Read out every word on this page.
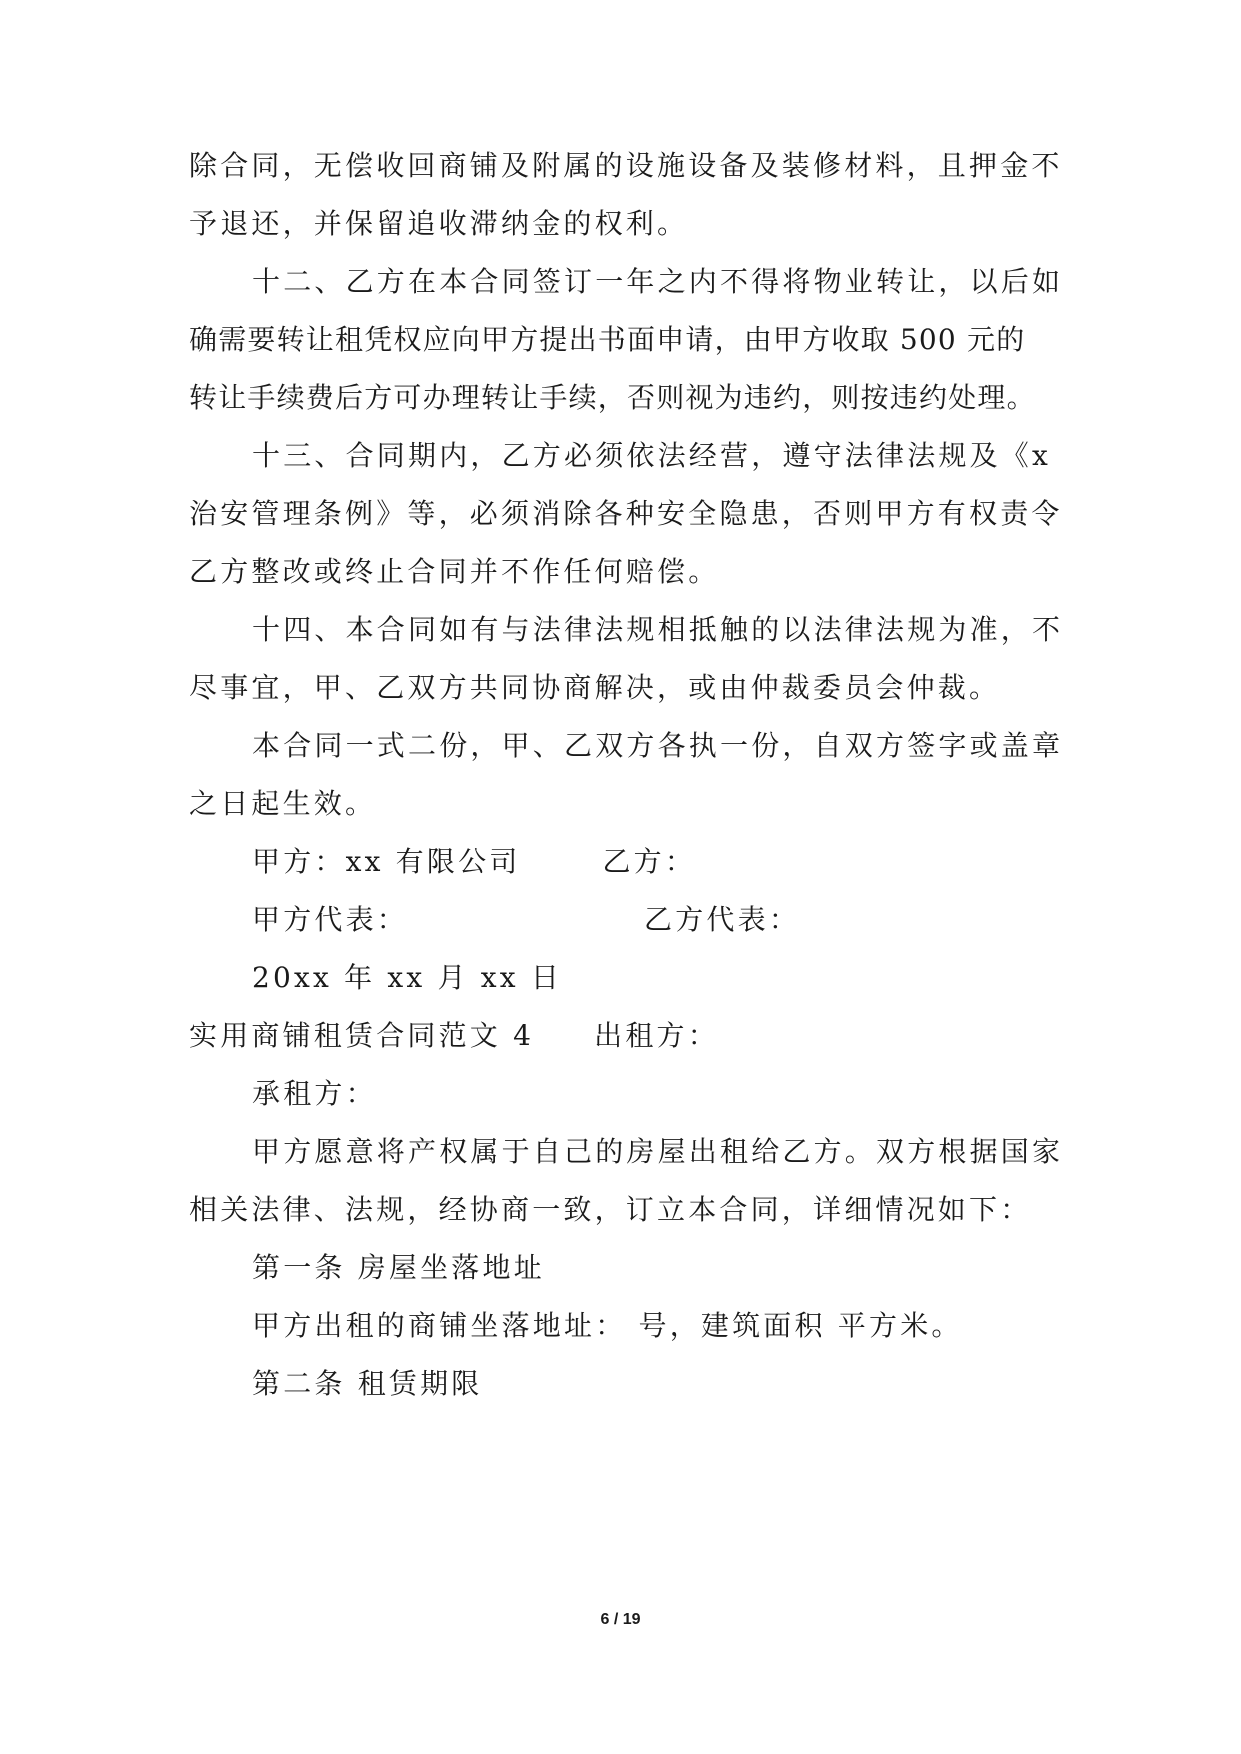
除合同，无偿收回商铺及附属的设施设备及装修材料，且押金不
予退还，并保留追收滞纳金的权利。
十二、乙方在本合同签订一年之内不得将物业转让，以后如
确需要转让租凭权应向甲方提出书面申请，由甲方收取 500 元的
转让手续费后方可办理转让手续，否则视为违约，则按违约处理。
十三、合同期内，乙方必须依法经营，遵守法律法规及《x
治安管理条例》等，必须消除各种安全隐患，否则甲方有权责令
乙方整改或终止合同并不作任何赔偿。
十四、本合同如有与法律法规相抵触的以法律法规为准，不
尽事宜，甲、乙双方共同协商解决，或由仲裁委员会仲裁。
本合同一式二份，甲、乙双方各执一份，自双方签字或盖章
之日起生效。
甲方：xx 有限公司	乙方：
甲方代表：	乙方代表：
20xx 年 xx 月 xx 日
实用商铺租赁合同范文 4 出租方：
承租方：
甲方愿意将产权属于自己的房屋出租给乙方。双方根据国家
相关法律、法规，经协商一致，订立本合同，详细情况如下：
第一条 房屋坐落地址
甲方出租的商铺坐落地址： 号，建筑面积 平方米。
第二条 租赁期限
6 / 19
